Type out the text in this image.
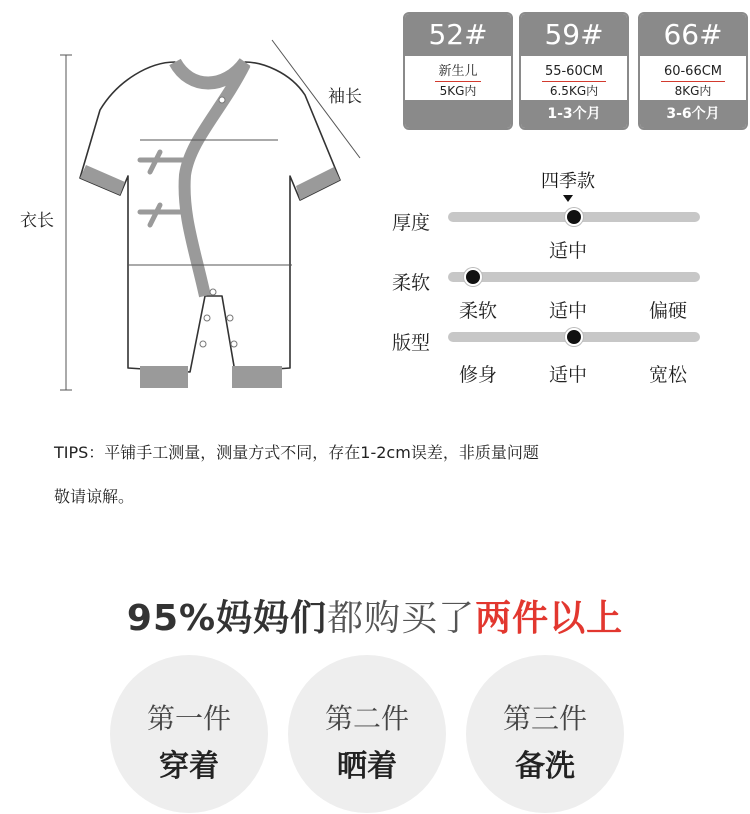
袖长
衣长
52#
新生儿
5KG内
59#
55-60CM
6.5KG内
1-3个月
66#
60-66CM
8KG内
3-6个月
四季款
厚度
适中
柔软
柔软	适中	偏硬
版型
修身	适中	宽松
TIPS：平铺手工测量，测量方式不同，存在1-2cm误差，非质量问题
敬请谅解。
95%妈妈们都购买了两件以上
第一件
穿着
第二件
晒着
第三件
备洗
